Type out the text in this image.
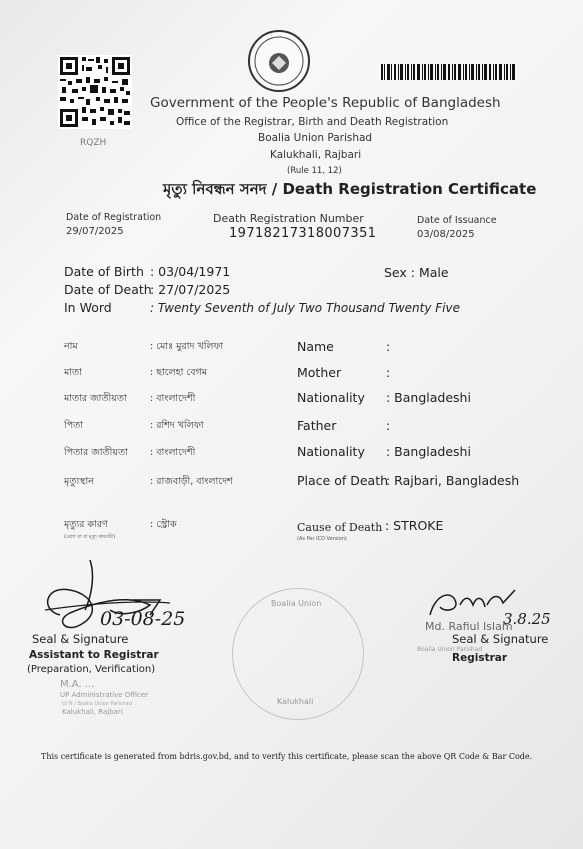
RQZH
Government of the People's Republic of Bangladesh
Office of the Registrar, Birth and Death Registration
Boalia Union Parishad
Kalukhali, Rajbari
(Rule 11, 12)
মৃত্যু নিবন্ধন সনদ / Death Registration Certificate
Date of Registration
29/07/2025
Death Registration Number
19718217318007351
Date of Issuance
03/08/2025
Date of Birth : 03/04/1971	Sex : Male
Date of Death
: 27/07/2025
In Word	: Twenty Seventh of July Two Thousand Twenty Five
নাম	: মোঃ মুরাদ খলিফা	Name	:
মাতা	: ছালেহা বেগম	Mother	:
মাতার জাতীয়তা : বাংলাদেশী	Nationality : Bangladeshi
পিতা	: রশিদ খলিফা	Father	:
পিতার জাতীয়তা : বাংলাদেশী	Nationality : Bangladeshi
মৃত্যুস্থান	: রাজবাড়ী, বাংলাদেশ	Place of Death
: Rajbari, Bangladesh
মৃত্যুর কারণ
(রোগ যা বা মৃত্যু কারণটা)
: স্ট্রোক	Cause of Death
(As Per ICD Version)
: STROKE
03-08-25
Seal & Signature
Assistant to Registrar
(Preparation, Verification)
M.A. ...
UP Administrative Officer
U/ N / Boalia Union Parishad
Kalukhali, Rajbari
Boalia Union
Kalukhali
3.8.25
Md. Rafiul Islam
Seal & Signature
Boalia Union Parishad
Registrar
This certificate is generated from bdris.gov.bd, and to verify this certificate, please scan the above QR Code & Bar Code.
